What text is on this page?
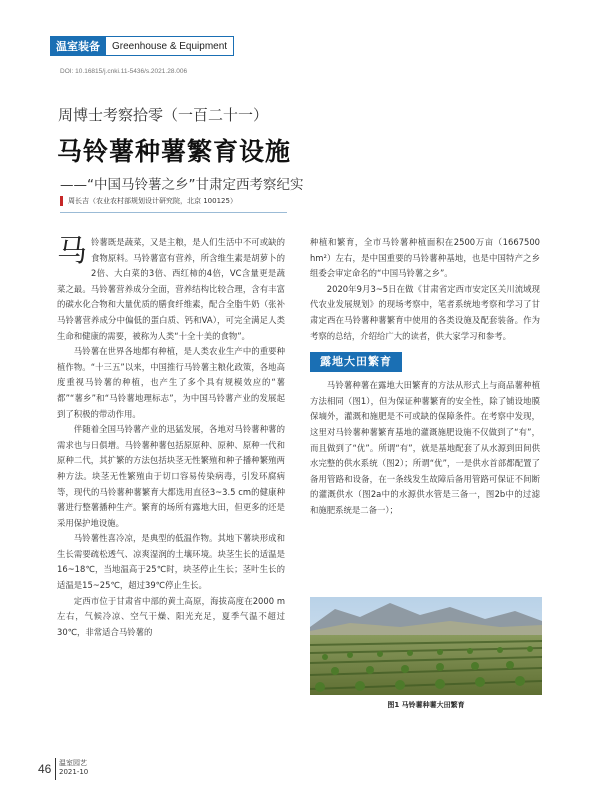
温室装备	Greenhouse & Equipment
DOI: 10.16815/j.cnki.11-5436/s.2021.28.006
周博士考察拾零（一百二十一）
马铃薯种薯繁育设施
——“中国马铃薯之乡”甘肃定西考察纪实
周长吉（农业农村部规划设计研究院，北京 100125）

马铃薯既是蔬菜，又是主粮，是人们生活中不可或缺的食物原料。马铃薯富有营养，所含维生素是胡萝卜的2倍、大白菜的3倍、西红柿的4倍，VC含量更是蔬菜之最。马铃薯营养成分全面，营养结构比较合理，含有丰富的碳水化合物和大量优质的膳食纤维素，配合全脂牛奶（张补马铃薯营养成分中偏低的蛋白质、钙和VA），可完全满足人类生命和健康的需要，被称为人类“十全十美的食物”。

马铃薯在世界各地都有种植，是人类农业生产中的重要种植作物。“十三五”以来，中国推行马铃薯主粮化政策，各地高度重视马铃薯的种植，也产生了多个具有规模效应的“薯都”“薯乡”和“马铃薯地理标志”，为中国马铃薯产业的发展起到了积极的带动作用。

伴随着全国马铃薯产业的迅猛发展，各地对马铃薯种薯的需求也与日俱增。马铃薯种薯包括原原种、原种、原种一代和原种二代，其扩繁的方法包括块茎无性繁殖和种子播种繁殖两种方法。块茎无性繁殖由于切口容易传染病毒，引发环腐病等，现代的马铃薯种薯繁育大都选用直径3~3.5 cm的健康种薯进行整薯播种生产。繁育的场所有露地大田，但更多的还是采用保护地设施。

马铃薯性喜冷凉，是典型的低温作物。其地下薯块形成和生长需要疏松透气、凉爽湿润的土壤环境。块茎生长的适温是16~18℃，当地温高于25℃时，块茎停止生长；茎叶生长的适温是15~25℃，超过39℃停止生长。

定西市位于甘肃省中部的黄土高原，海拔高度在2000 m左右，气候冷凉、空气干燥、阳光充足，夏季气温不超过30℃，非常适合马铃薯的

种植和繁育，全市马铃薯种植面积在2500万亩（1667500 hm²）左右，是中国重要的马铃薯种基地，也是中国特产之乡组委会审定命名的“中国马铃薯之乡”。

2020年9月3~5日在做《甘肃省定西市安定区关川流域现代农业发展规划》的现场考察中，笔者系统地考察和学习了甘肃定西在马铃薯种薯繁育中使用的各类设施及配套装备。作为考察的总结，介绍给广大的读者，供大家学习和参考。

露地大田繁育

马铃薯种薯在露地大田繁育的方法从形式上与商品薯种植方法相同（图1），但为保证种薯繁育的安全性，除了铺设地膜保墒外，灌溉和施肥是不可或缺的保障条件。在考察中发现，这里对马铃薯种薯繁育基地的灌溉施肥设施不仅做到了“有”，而且做到了“优”。所谓“有”，就是基地配套了从水源到田间供水完整的供水系统（图2）；所谓“优”，一是供水首部都配置了备用管路和设备，在一条线发生故障后备用管路可保证不间断的灌溉供水（图2a中的水源供水管是三备一，图2b中的过滤和施肥系统是二备一）；

图1 马铃薯种薯大田繁育
46 温室园艺
2021-10
